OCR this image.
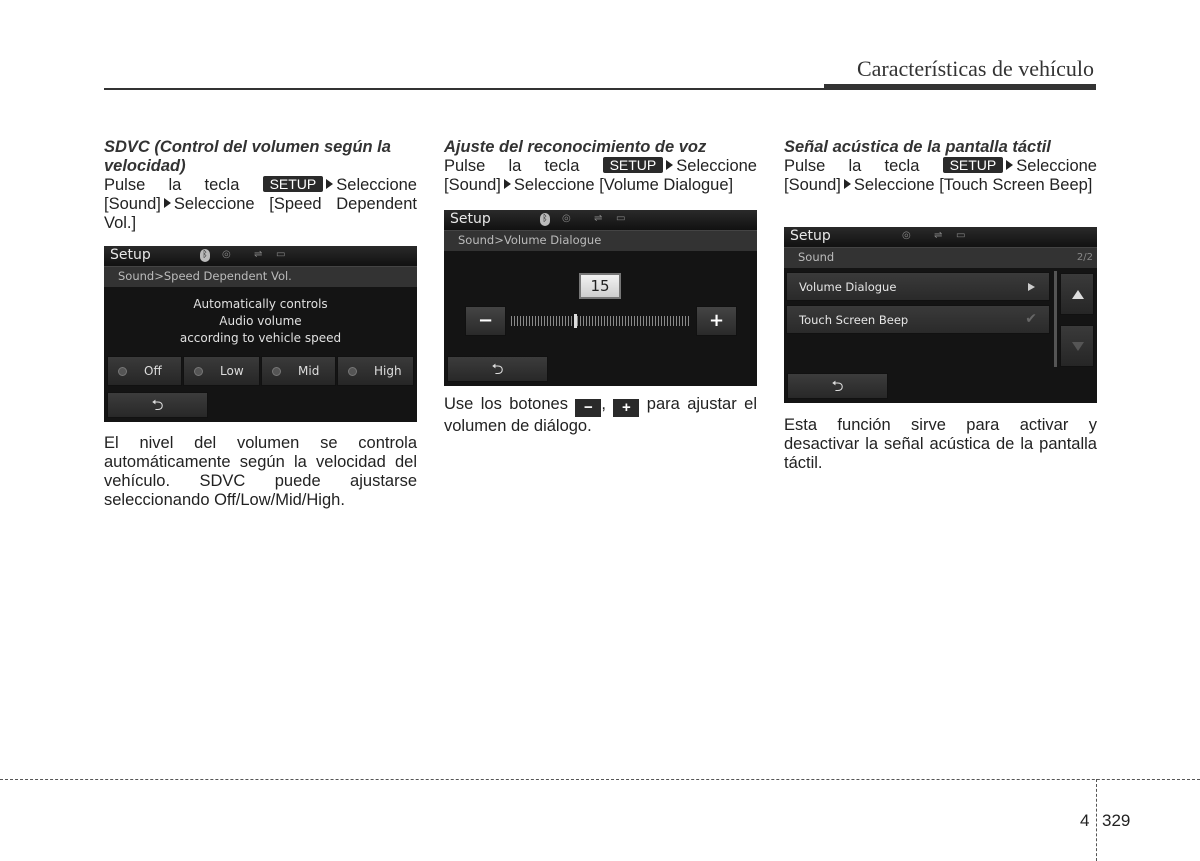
Características de vehículo
SDVC (Control del volumen según la velocidad)
Pulse la tecla SETUP Seleccione [Sound] Seleccione [Speed Dependent Vol.]
Setup	ᛒ ◎ ⇌ ▭
Sound>Speed Dependent Vol.
Automatically controls
Audio volume
according to vehicle speed
Off	Low	Mid	High
⮌
El nivel del volumen se controla automáticamente según la velocidad del vehículo. SDVC puede ajustarse seleccionando Off/Low/Mid/High.
Ajuste del reconocimiento de voz
Pulse la tecla SETUP Seleccione [Sound] Seleccione [Volume Dialogue]
Setup	ᛒ ◎ ⇌ ▭
Sound>Volume Dialogue
15
−	+
⮌
Use los botones − , + para ajustar el volumen de diálogo.
Señal acústica de la pantalla táctil
Pulse la tecla SETUP Seleccione [Sound] Seleccione [Touch Screen Beep]
Setup	◎ ⇌ ▭
Sound	2/2
Volume Dialogue
Touch Screen Beep	✔
⮌
Esta función sirve para activar y desactivar la señal acústica de la pantalla táctil.
4 329
